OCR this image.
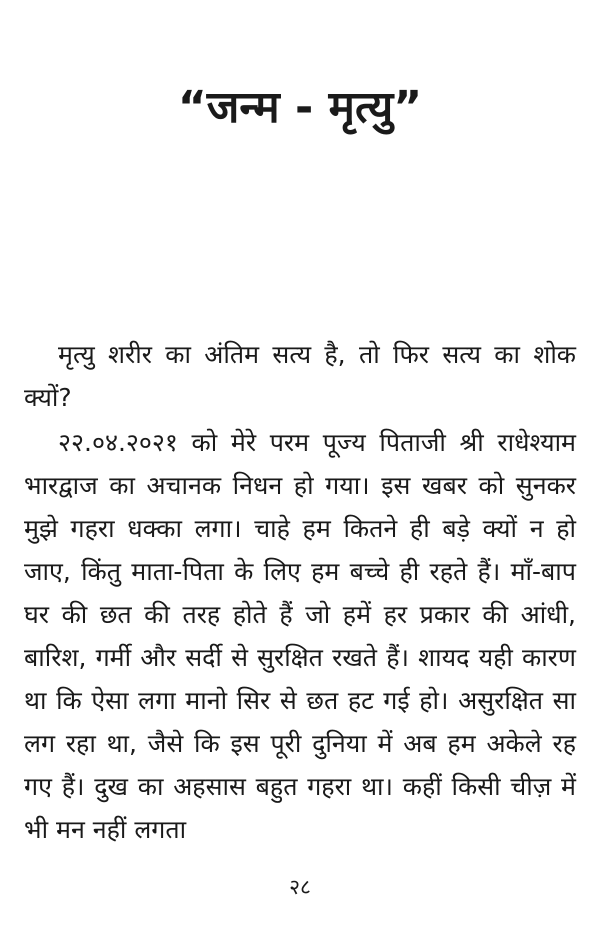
“जन्म - मृत्यु”

मृत्यु शरीर का अंतिम सत्य है, तो फिर सत्य का शोक क्यों?

२२.०४.२०२१ को मेरे परम पूज्य पिताजी श्री राधेश्याम भारद्वाज का अचानक निधन हो गया। इस खबर को सुनकर मुझे गहरा धक्का लगा। चाहे हम कितने ही बड़े क्यों न हो जाए, किंतु माता-पिता के लिए हम बच्चे ही रहते हैं। माँ-बाप घर की छत की तरह होते हैं जो हमें हर प्रकार की आंधी, बारिश, गर्मी और सर्दी से सुरक्षित रखते हैं। शायद यही कारण था कि ऐसा लगा मानो सिर से छत हट गई हो। असुरक्षित सा लग रहा था, जैसे कि इस पूरी दुनिया में अब हम अकेले रह गए हैं। दुख का अहसास बहुत गहरा था। कहीं किसी चीज़ में भी मन नहीं लगता

२८
